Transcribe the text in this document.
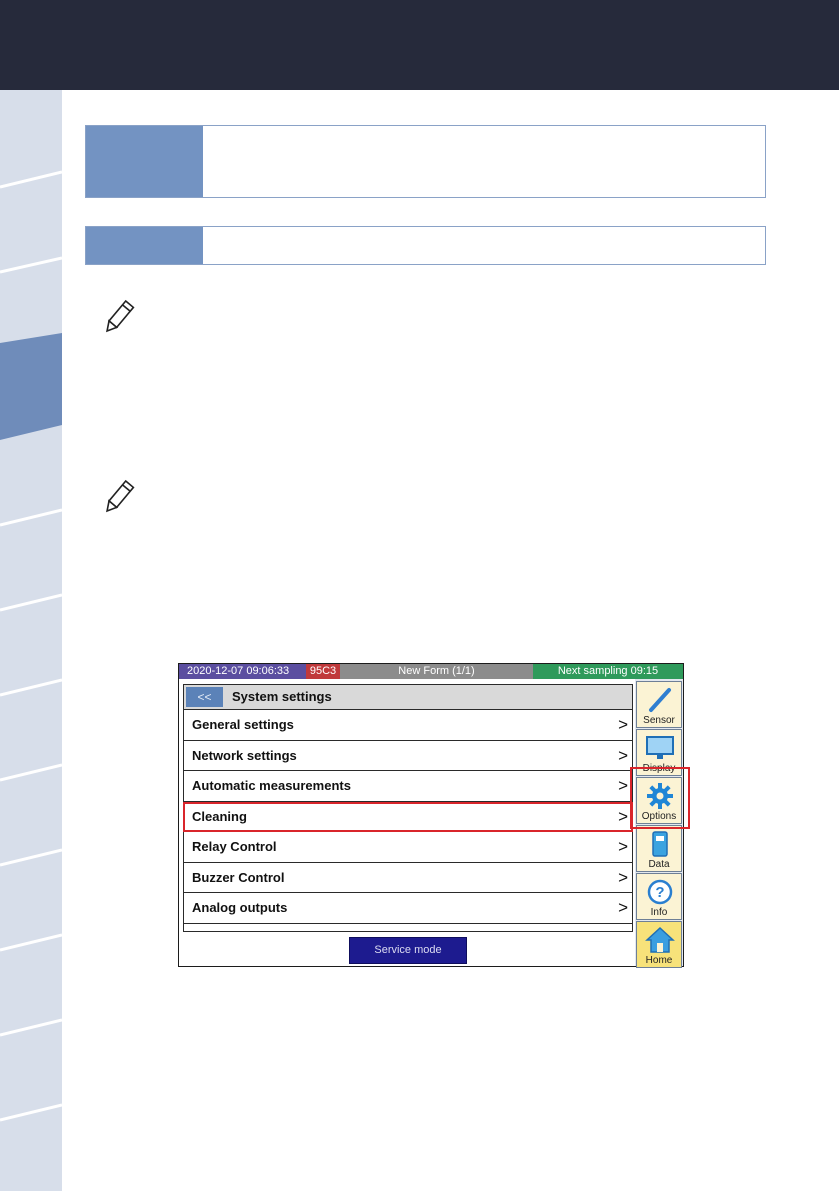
2020-12-07 09:06:33	95C3	New Form (1/1)	Next sampling 09:15
<<	System settings
General settings	>
Network settings	>
Automatic measurements	>
Cleaning	>
Relay Control	>
Buzzer Control	>
Analog outputs	>
Service mode
Sensor
Display
Options
Data
?
Info
Home
